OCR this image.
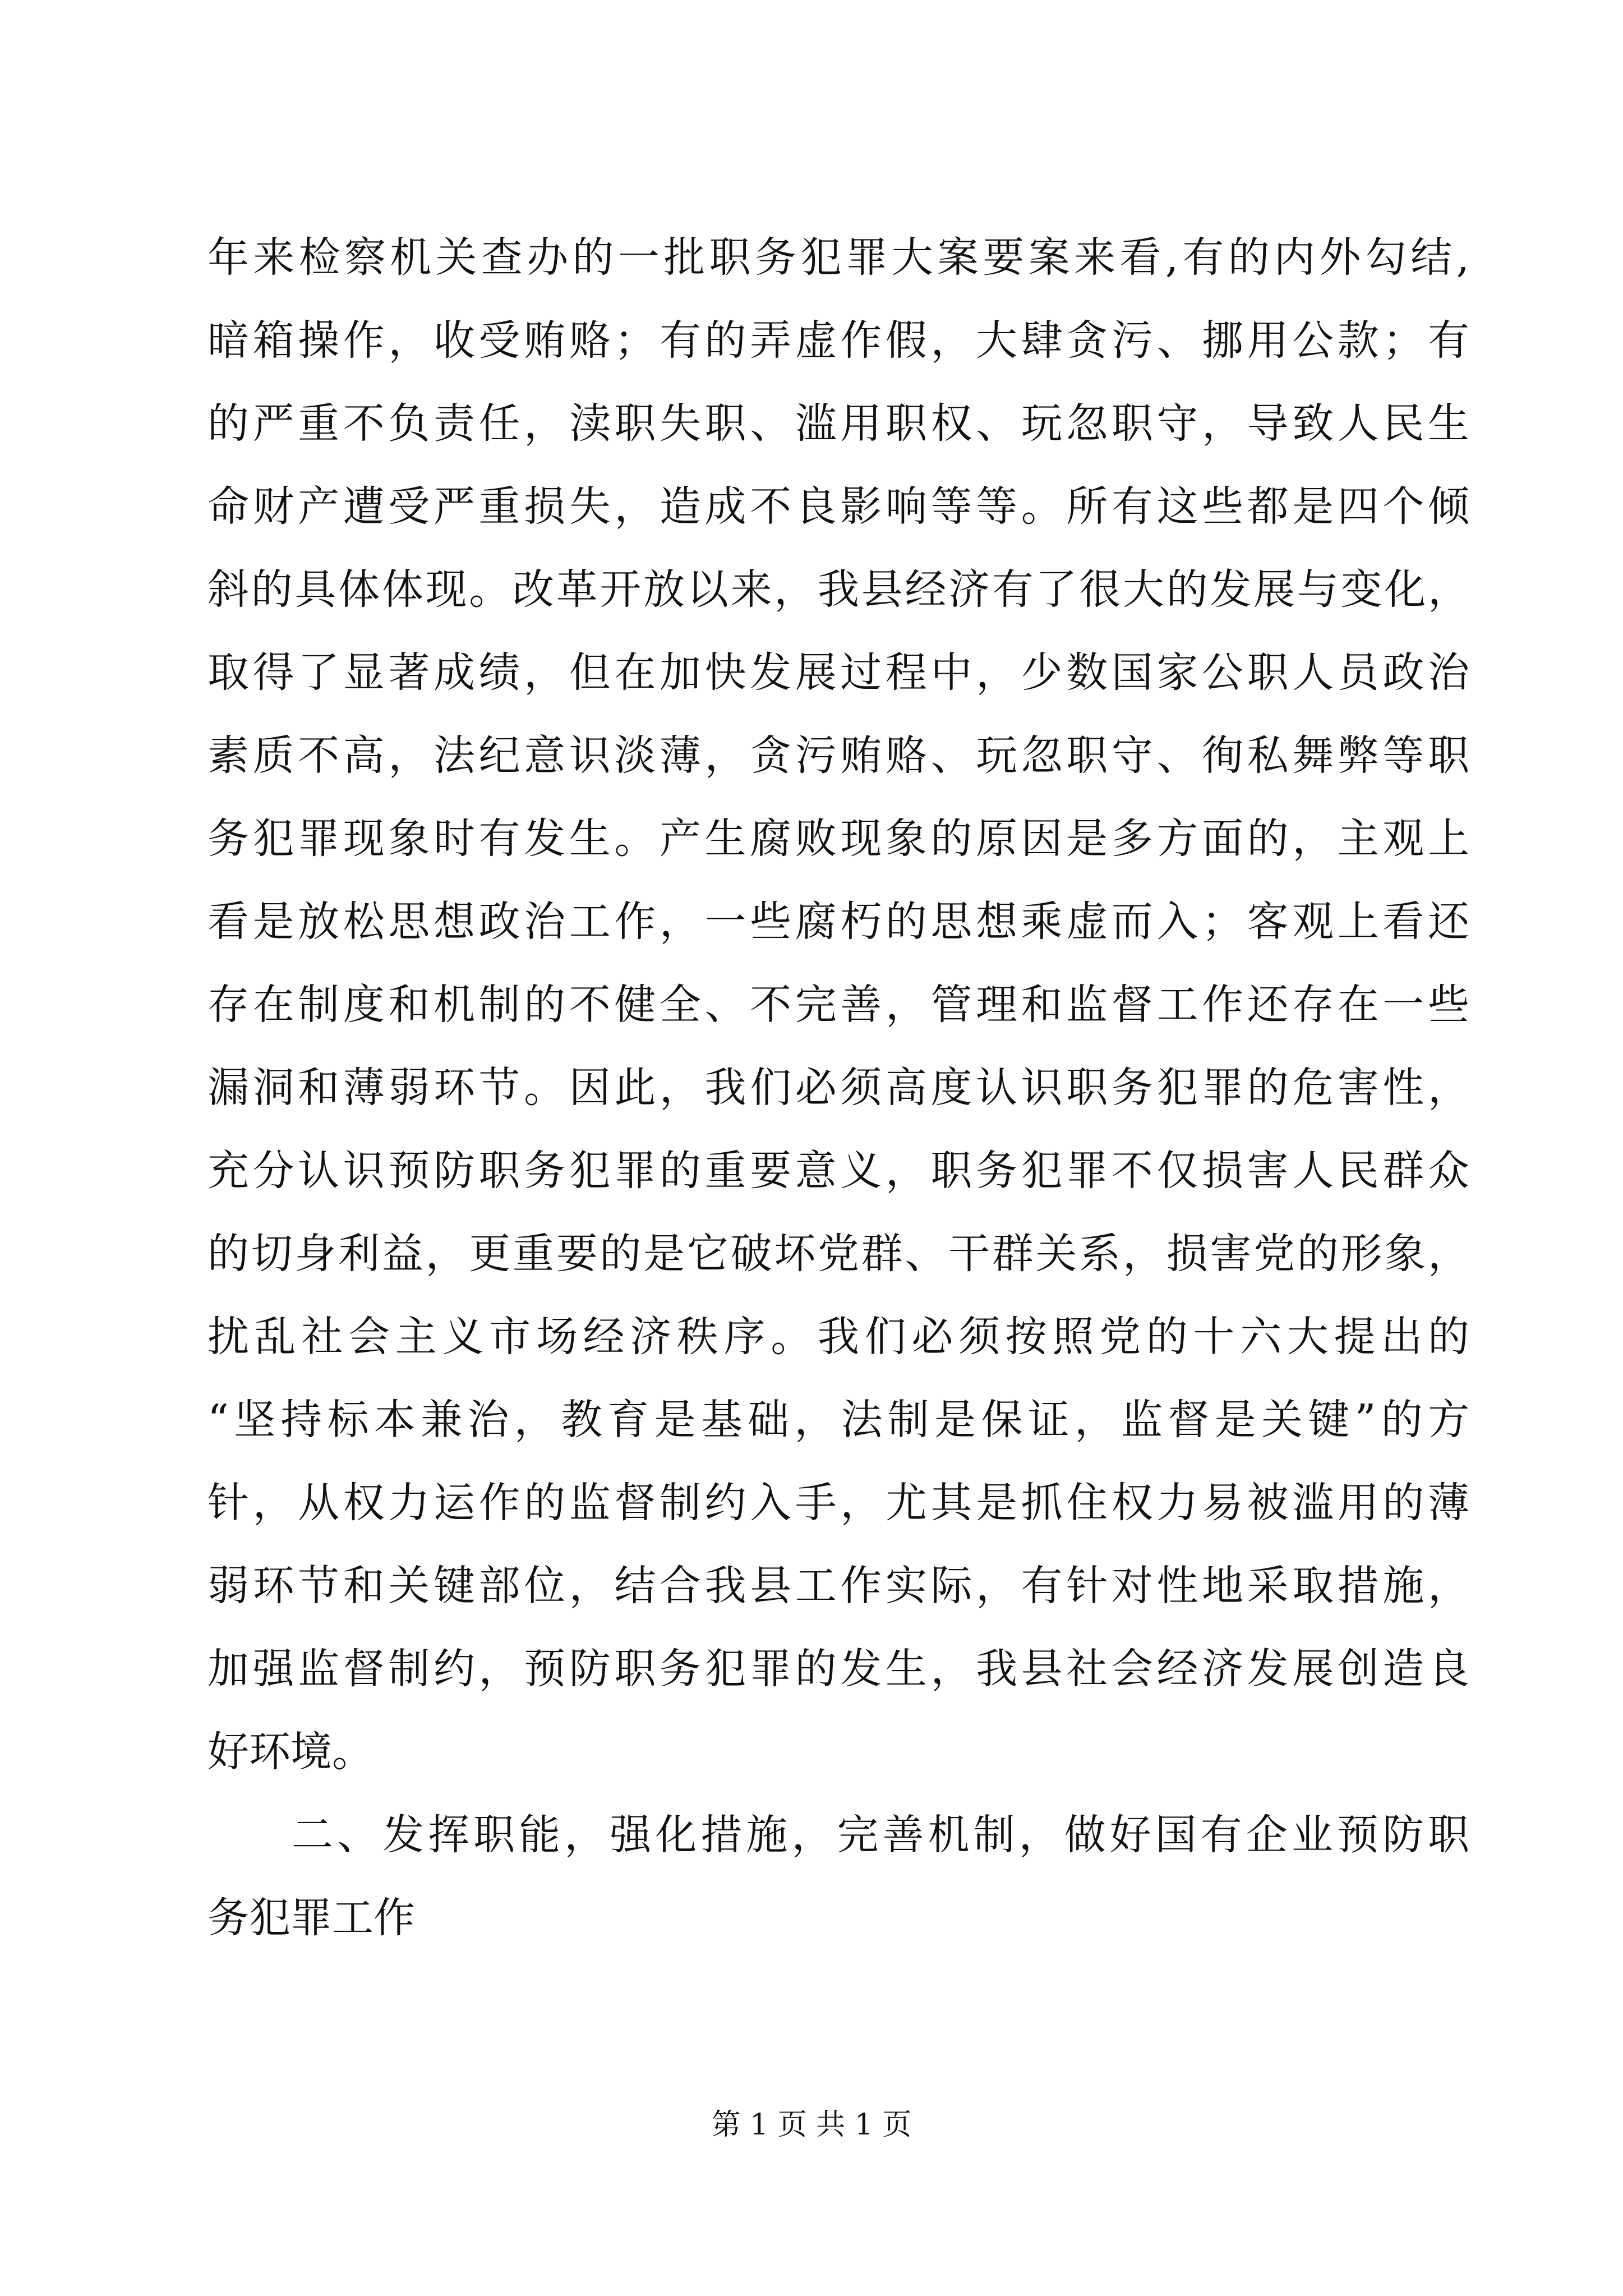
年来检察机关查办的一批职务犯罪大案要案来看,有的内外勾结,
暗箱操作，收受贿赂；有的弄虚作假，大肆贪污、挪用公款；有
的严重不负责任，渎职失职、滥用职权、玩忽职守，导致人民生
命财产遭受严重损失，造成不良影响等等。所有这些都是四个倾
斜的具体体现。改革开放以来，我县经济有了很大的发展与变化，
取得了显著成绩，但在加快发展过程中，少数国家公职人员政治
素质不高，法纪意识淡薄，贪污贿赂、玩忽职守、徇私舞弊等职
务犯罪现象时有发生。产生腐败现象的原因是多方面的，主观上
看是放松思想政治工作，一些腐朽的思想乘虚而入；客观上看还
存在制度和机制的不健全、不完善，管理和监督工作还存在一些
漏洞和薄弱环节。因此，我们必须高度认识职务犯罪的危害性，
充分认识预防职务犯罪的重要意义，职务犯罪不仅损害人民群众
的切身利益，更重要的是它破坏党群、干群关系，损害党的形象，
扰乱社会主义市场经济秩序。我们必须按照党的十六大提出的
“坚持标本兼治，教育是基础，法制是保证，监督是关键”的方
针，从权力运作的监督制约入手，尤其是抓住权力易被滥用的薄
弱环节和关键部位，结合我县工作实际，有针对性地采取措施，
加强监督制约，预防职务犯罪的发生，我县社会经济发展创造良
好环境。
二、发挥职能，强化措施，完善机制，做好国有企业预防职
务犯罪工作
第 1 页 共 1 页
